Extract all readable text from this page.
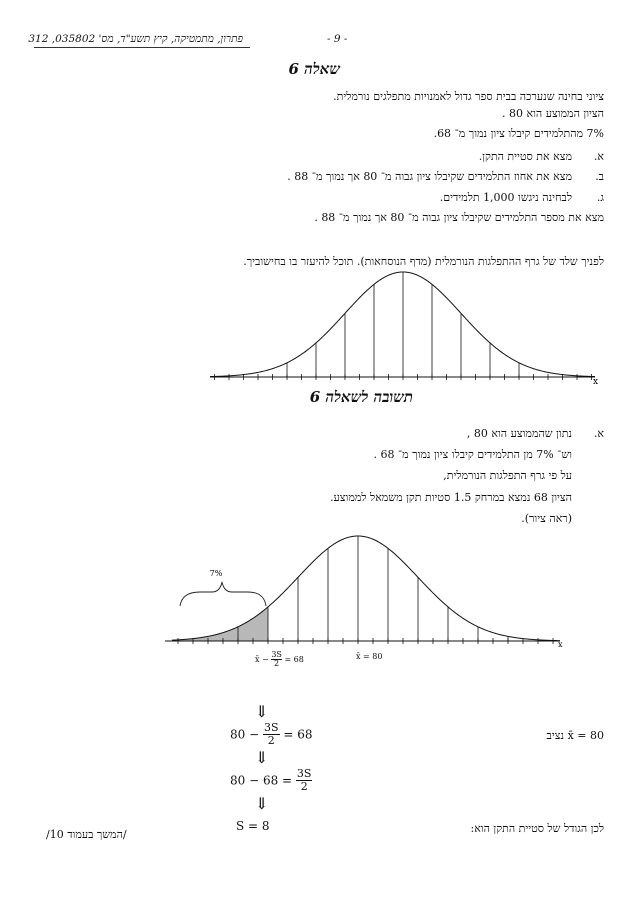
פתרון, מתמטיקה, קיץ תשע"ד, מס' 035802, 312	- 9 -
שאלה 6
ציוני בחינה שנערכה בבית ספר גדול לאמנויות מתפלגים נורמלית.
הציון הממוצע הוא 80 .
7% מהתלמידים קיבלו ציון נמוך מ־ 68.
א.
מצא את סטיית התקן.
ב.
מצא את אחוז התלמידים שקיבלו ציון גבוה מ־ 80 אך נמוך מ־ 88 .
ג.
לבחינה ניגשו 1,000 תלמידים.
מצא את מספר התלמידים שקיבלו ציון גבוה מ־ 80 אך נמוך מ־ 88 .
לפניך שלד של גרף ההתפלגות הנורמלית (מדף הנוסחאות). תוכל להיעזר בו בחישוביך.
x
תשובה לשאלה 6
א.
נתון שהממוצע הוא 80 ,
וש־ 7% מן התלמידים קיבלו ציון נמוך מ־ 68 .
על פי גרף התפלגות הנורמלית,
הציון 68 נמצא במרחק 1.5 סטיות תקן משמאל לממוצע.
(ראה ציור).
7%
x
x̄ − $\frac{3S}{2} = 68$	x̄ = 80
x̄ = 80 נציב
⇓
$80 - \frac{3S}{2} = 68$
⇓
$80 - 68 = \frac{3S}{2}$
⇓
S = 8	לכן הגודל של סטיית התקן הוא:
/המשך בעמוד 10/
